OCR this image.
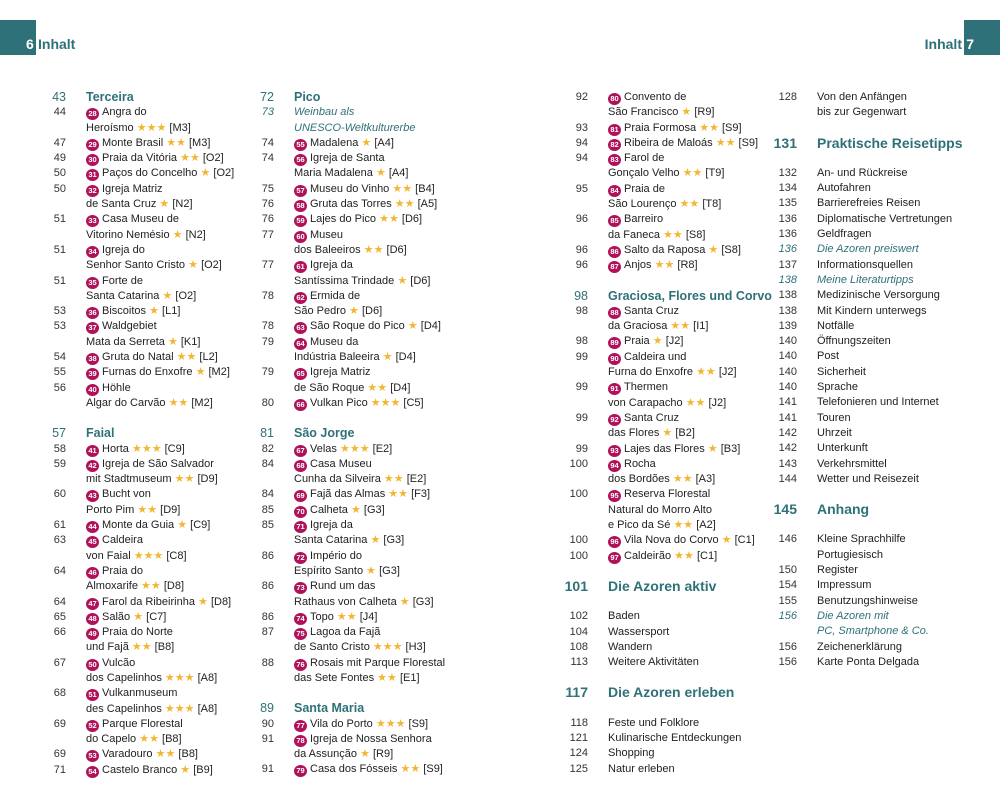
6 Inhalt	7
Inhalt
43 Terceira
44	28 Angra do
Heroísmo ★★★ [M3]
47	29 Monte Brasil ★★ [M3]
49	30 Praia da Vitória ★★ [O2]
50	31 Paços do Concelho ★ [O2]
50	32 Igreja Matriz
de Santa Cruz ★ [N2]
51	33 Casa Museu de
Vitorino Nemésio ★ [N2]
51	34 Igreja do
Senhor Santo Cristo ★ [O2]
51	35 Forte de
Santa Catarina ★ [O2]
53	36 Biscoitos ★ [L1]
53	37 Waldgebiet
Mata da Serreta ★ [K1]
54	38 Gruta do Natal ★★ [L2]
55	39 Furnas do Enxofre ★ [M2]
56	40 Höhle
Algar do Carvão ★★ [M2]
57 Faial
58	41 Horta ★★★ [C9]
59	42 Igreja de São Salvador
mit Stadtmuseum ★★ [D9]
60	43 Bucht von
Porto Pim ★★ [D9]
61	44 Monte da Guia ★ [C9]
63	45 Caldeira
von Faial ★★★ [C8]
64	46 Praia do
Almoxarife ★★ [D8]
64	47 Farol da Ribeirinha ★ [D8]
65	48 Salão ★ [C7]
66	49 Praia do Norte
und Fajã ★★ [B8]
67	50 Vulcão
dos Capelinhos ★★★ [A8]
68	51 Vulkanmuseum
des Capelinhos ★★★ [A8]
69	52 Parque Florestal
do Capelo ★★ [B8]
69	53 Varadouro ★★ [B8]
71	54 Castelo Branco ★ [B9]
72 Pico
73 Weinbau als
UNESCO-Weltkulturerbe
74	55 Madalena ★ [A4]
74	56 Igreja de Santa
Maria Madalena ★ [A4]
75	57 Museu do Vinho ★★ [B4]
76	58 Gruta das Torres ★★ [A5]
76	59 Lajes do Pico ★★ [D6]
77	60 Museu
dos Baleeiros ★★ [D6]
77	61 Igreja da
Santíssima Trindade ★ [D6]
78	62 Ermida de
São Pedro ★ [D6]
78	63 São Roque do Pico ★ [D4]
79	64 Museu da
Indústria Baleeira ★ [D4]
79	65 Igreja Matriz
de São Roque ★★ [D4]
80	66 Vulkan Pico ★★★ [C5]
81 São Jorge
82	67 Velas ★★★ [E2]
84	68 Casa Museu
Cunha da Silveira ★★ [E2]
84	69 Fajã das Almas ★★ [F3]
85	70 Calheta ★ [G3]
85	71 Igreja da
Santa Catarina ★ [G3]
86	72 Império do
Espírito Santo ★ [G3]
86	73 Rund um das
Rathaus von Calheta ★ [G3]
86	74 Topo ★★ [J4]
87	75 Lagoa da Fajã
de Santo Cristo ★★★ [H3]
88	76 Rosais mit Parque Florestal
das Sete Fontes ★★ [E1]
89 Santa Maria
90	77 Vila do Porto ★★★ [S9]
91	78 Igreja de Nossa Senhora
da Assunção ★ [R9]
91	79 Casa dos Fósseis ★★ [S9]
92	80 Convento de
São Francisco ★ [R9]
93	81 Praia Formosa ★★ [S9]
94	82 Ribeira de Maloás ★★ [S9]
94	83 Farol de
Gonçalo Velho ★★ [T9]
95	84 Praia de
São Lourenço ★★ [T8]
96	85 Barreiro
da Faneca ★★ [S8]
96	86 Salto da Raposa ★ [S8]
96	87 Anjos ★★ [R8]
98 Graciosa, Flores und Corvo
98	88 Santa Cruz
da Graciosa ★★ [I1]
98	89 Praia ★ [J2]
99	90 Caldeira und
Furna do Enxofre ★★ [J2]
99	91 Thermen
von Carapacho ★★ [J2]
99	92 Santa Cruz
das Flores ★ [B2]
99	93 Lajes das Flores ★ [B3]
100	94 Rocha
dos Bordões ★★ [A3]
100	95 Reserva Florestal
Natural do Morro Alto
e Pico da Sé ★★ [A2]
100	96 Vila Nova do Corvo ★ [C1]
100	97 Caldeirão ★★ [C1]
101 Die Azoren aktiv
102 Baden
104 Wassersport
108 Wandern
113 Weitere Aktivitäten
117 Die Azoren erleben
118 Feste und Folklore
121 Kulinarische Entdeckungen
124 Shopping
125 Natur erleben
128 Von den Anfängen
bis zur Gegenwart
131 Praktische Reisetipps
132 An- und Rückreise
134 Autofahren
135 Barrierefreies Reisen
136 Diplomatische Vertretungen
136 Geldfragen
136 Die Azoren preiswert
137 Informationsquellen
138 Meine Literaturtipps
138 Medizinische Versorgung
138 Mit Kindern unterwegs
139 Notfälle
140 Öffnungszeiten
140 Post
140 Sicherheit
140 Sprache
141 Telefonieren und Internet
141 Touren
142 Uhrzeit
142 Unterkunft
143 Verkehrsmittel
144 Wetter und Reisezeit
145 Anhang
146 Kleine Sprachhilfe
Portugiesisch
150 Register
154 Impressum
155 Benutzungshinweise
156 Die Azoren mit
PC, Smartphone & Co.
156 Zeichenerklärung
156 Karte Ponta Delgada
